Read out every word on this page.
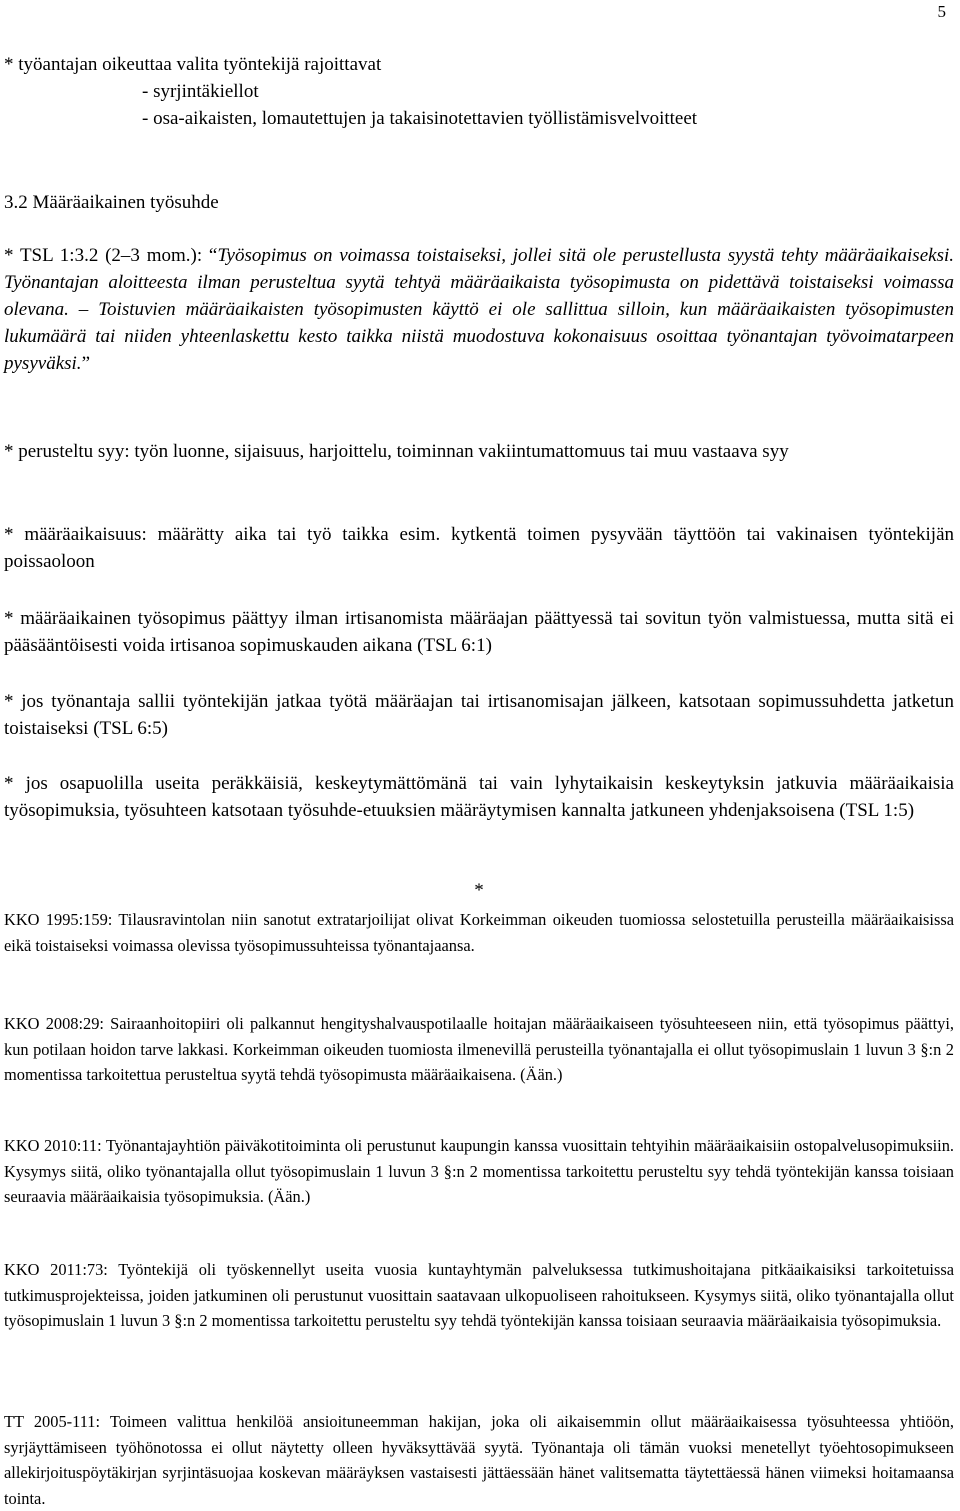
5

* työantajan oikeuttaa valita työntekijä rajoittavat

- syrjintäkiellot

- osa-aikaisten, lomautettujen ja takaisinotettavien työllistämisvelvoitteet

3.2 Määräaikainen työsuhde

* TSL 1:3.2 (2–3 mom.): “Työsopimus on voimassa toistaiseksi, jollei sitä ole perustellusta syystä tehty määräaikaiseksi. Työnantajan aloitteesta ilman perusteltua syytä tehtyä määräaikaista työsopimusta on pidettävä toistaiseksi voimassa olevana. – Toistuvien määräaikaisten työsopimusten käyttö ei ole sallittua silloin, kun määräaikaisten työsopimusten lukumäärä tai niiden yhteenlaskettu kesto taikka niistä muodostuva kokonaisuus osoittaa työnantajan työvoimatarpeen pysyväksi.”

* perusteltu syy: työn luonne, sijaisuus, harjoittelu, toiminnan vakiintumattomuus tai muu vastaava syy

* määräaikaisuus: määrätty aika tai työ taikka esim. kytkentä toimen pysyvään täyttöön tai vakinaisen työntekijän poissaoloon

* määräaikainen työsopimus päättyy ilman irtisanomista määräajan päättyessä tai sovitun työn valmistuessa, mutta sitä ei pääsääntöisesti voida irtisanoa sopimuskauden aikana (TSL 6:1)

* jos työnantaja sallii työntekijän jatkaa työtä määräajan tai irtisanomisajan jälkeen, katsotaan sopimussuhdetta jatketun toistaiseksi (TSL 6:5)

* jos osapuolilla useita peräkkäisiä, keskeytymättömänä tai vain lyhytaikaisin keskeytyksin jatkuvia määräaikaisia työsopimuksia, työsuhteen katsotaan työsuhde-etuuksien määräytymisen kannalta jatkuneen yhdenjaksoisena (TSL 1:5)

*

KKO 1995:159: Tilausravintolan niin sanotut extratarjoilijat olivat Korkeimman oikeuden tuomiossa selostetuilla perusteilla määräaikaisissa eikä toistaiseksi voimassa olevissa työsopimussuhteissa työnantajaansa.

KKO 2008:29: Sairaanhoitopiiri oli palkannut hengityshalvauspotilaalle hoitajan määräaikaiseen työsuhteeseen niin, että työsopimus päättyi, kun potilaan hoidon tarve lakkasi. Korkeimman oikeuden tuomiosta ilmenevillä perusteilla työnantajalla ei ollut työsopimuslain 1 luvun 3 §:n 2 momentissa tarkoitettua perusteltua syytä tehdä työsopimusta määräaikaisena. (Ään.)

KKO 2010:11: Työnantajayhtiön päiväkotitoiminta oli perustunut kaupungin kanssa vuosittain tehtyihin määräaikaisiin ostopalvelusopimuksiin. Kysymys siitä, oliko työnantajalla ollut työsopimuslain 1 luvun 3 §:n 2 momentissa tarkoitettu perusteltu syy tehdä työntekijän kanssa toisiaan seuraavia määräaikaisia työsopimuksia. (Ään.)

KKO 2011:73: Työntekijä oli työskennellyt useita vuosia kuntayhtymän palveluksessa tutkimushoitajana pitkäaikaisiksi tarkoitetuissa tutkimusprojekteissa, joiden jatkuminen oli perustunut vuosittain saatavaan ulkopuoliseen rahoitukseen. Kysymys siitä, oliko työnantajalla ollut työsopimuslain 1 luvun 3 §:n 2 momentissa tarkoitettu perusteltu syy tehdä työntekijän kanssa toisiaan seuraavia määräaikaisia työsopimuksia.

TT 2005-111: Toimeen valittua henkilöä ansioituneemman hakijan, joka oli aikaisemmin ollut määräaikaisessa työsuhteessa yhtiöön, syrjäyttämiseen työhönotossa ei ollut näytetty olleen hyväksyttävää syytä. Työnantaja oli tämän vuoksi menetellyt työehtosopimukseen allekirjoituspöytäkirjan syrjintäsuojaa koskevan määräyksen vastaisesti jättäessään hänet valitsematta täytettäessä hänen viimeksi hoitamaansa tointa.
